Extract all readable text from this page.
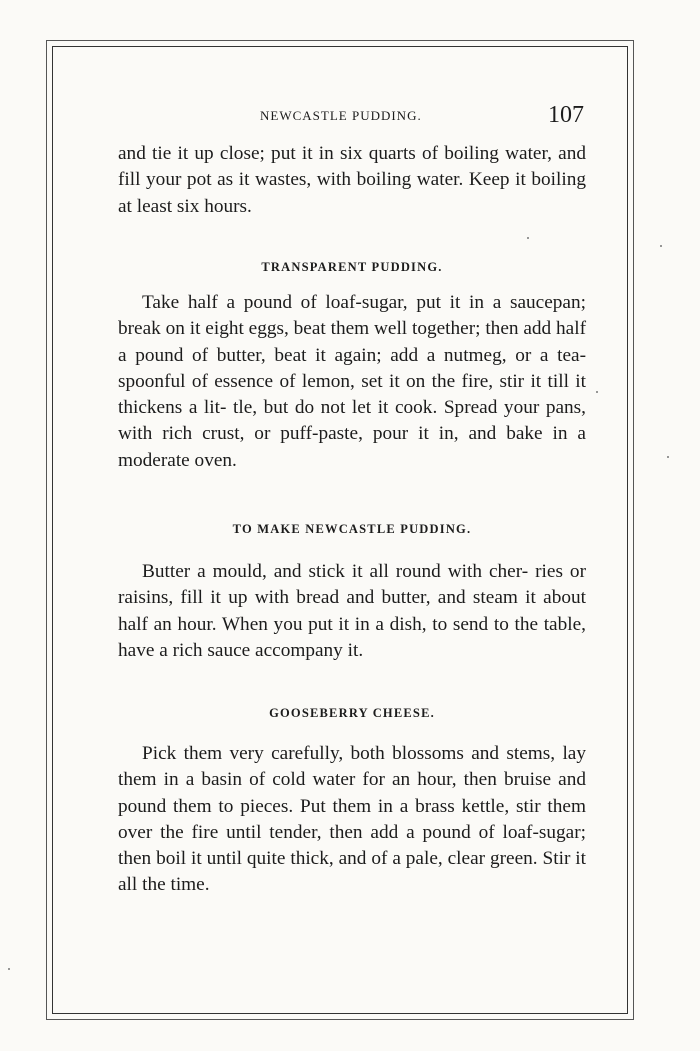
NEWCASTLE PUDDING.	107

and tie it up close; put it in six quarts of boiling water, and fill your pot as it wastes, with boiling water. Keep it boiling at least six hours.

TRANSPARENT PUDDING.

Take half a pound of loaf-sugar, put it in a saucepan; break on it eight eggs, beat them well together; then add half a pound of butter, beat it again; add a nutmeg, or a tea-spoonful of essence of lemon, set it on the fire, stir it till it thickens a lit- tle, but do not let it cook. Spread your pans, with rich crust, or puff-paste, pour it in, and bake in a moderate oven.

TO MAKE NEWCASTLE PUDDING.

Butter a mould, and stick it all round with cher- ries or raisins, fill it up with bread and butter, and steam it about half an hour. When you put it in a dish, to send to the table, have a rich sauce accompany it.

GOOSEBERRY CHEESE.

Pick them very carefully, both blossoms and stems, lay them in a basin of cold water for an hour, then bruise and pound them to pieces. Put them in a brass kettle, stir them over the fire until tender, then add a pound of loaf-sugar; then boil it until quite thick, and of a pale, clear green. Stir it all the time.
